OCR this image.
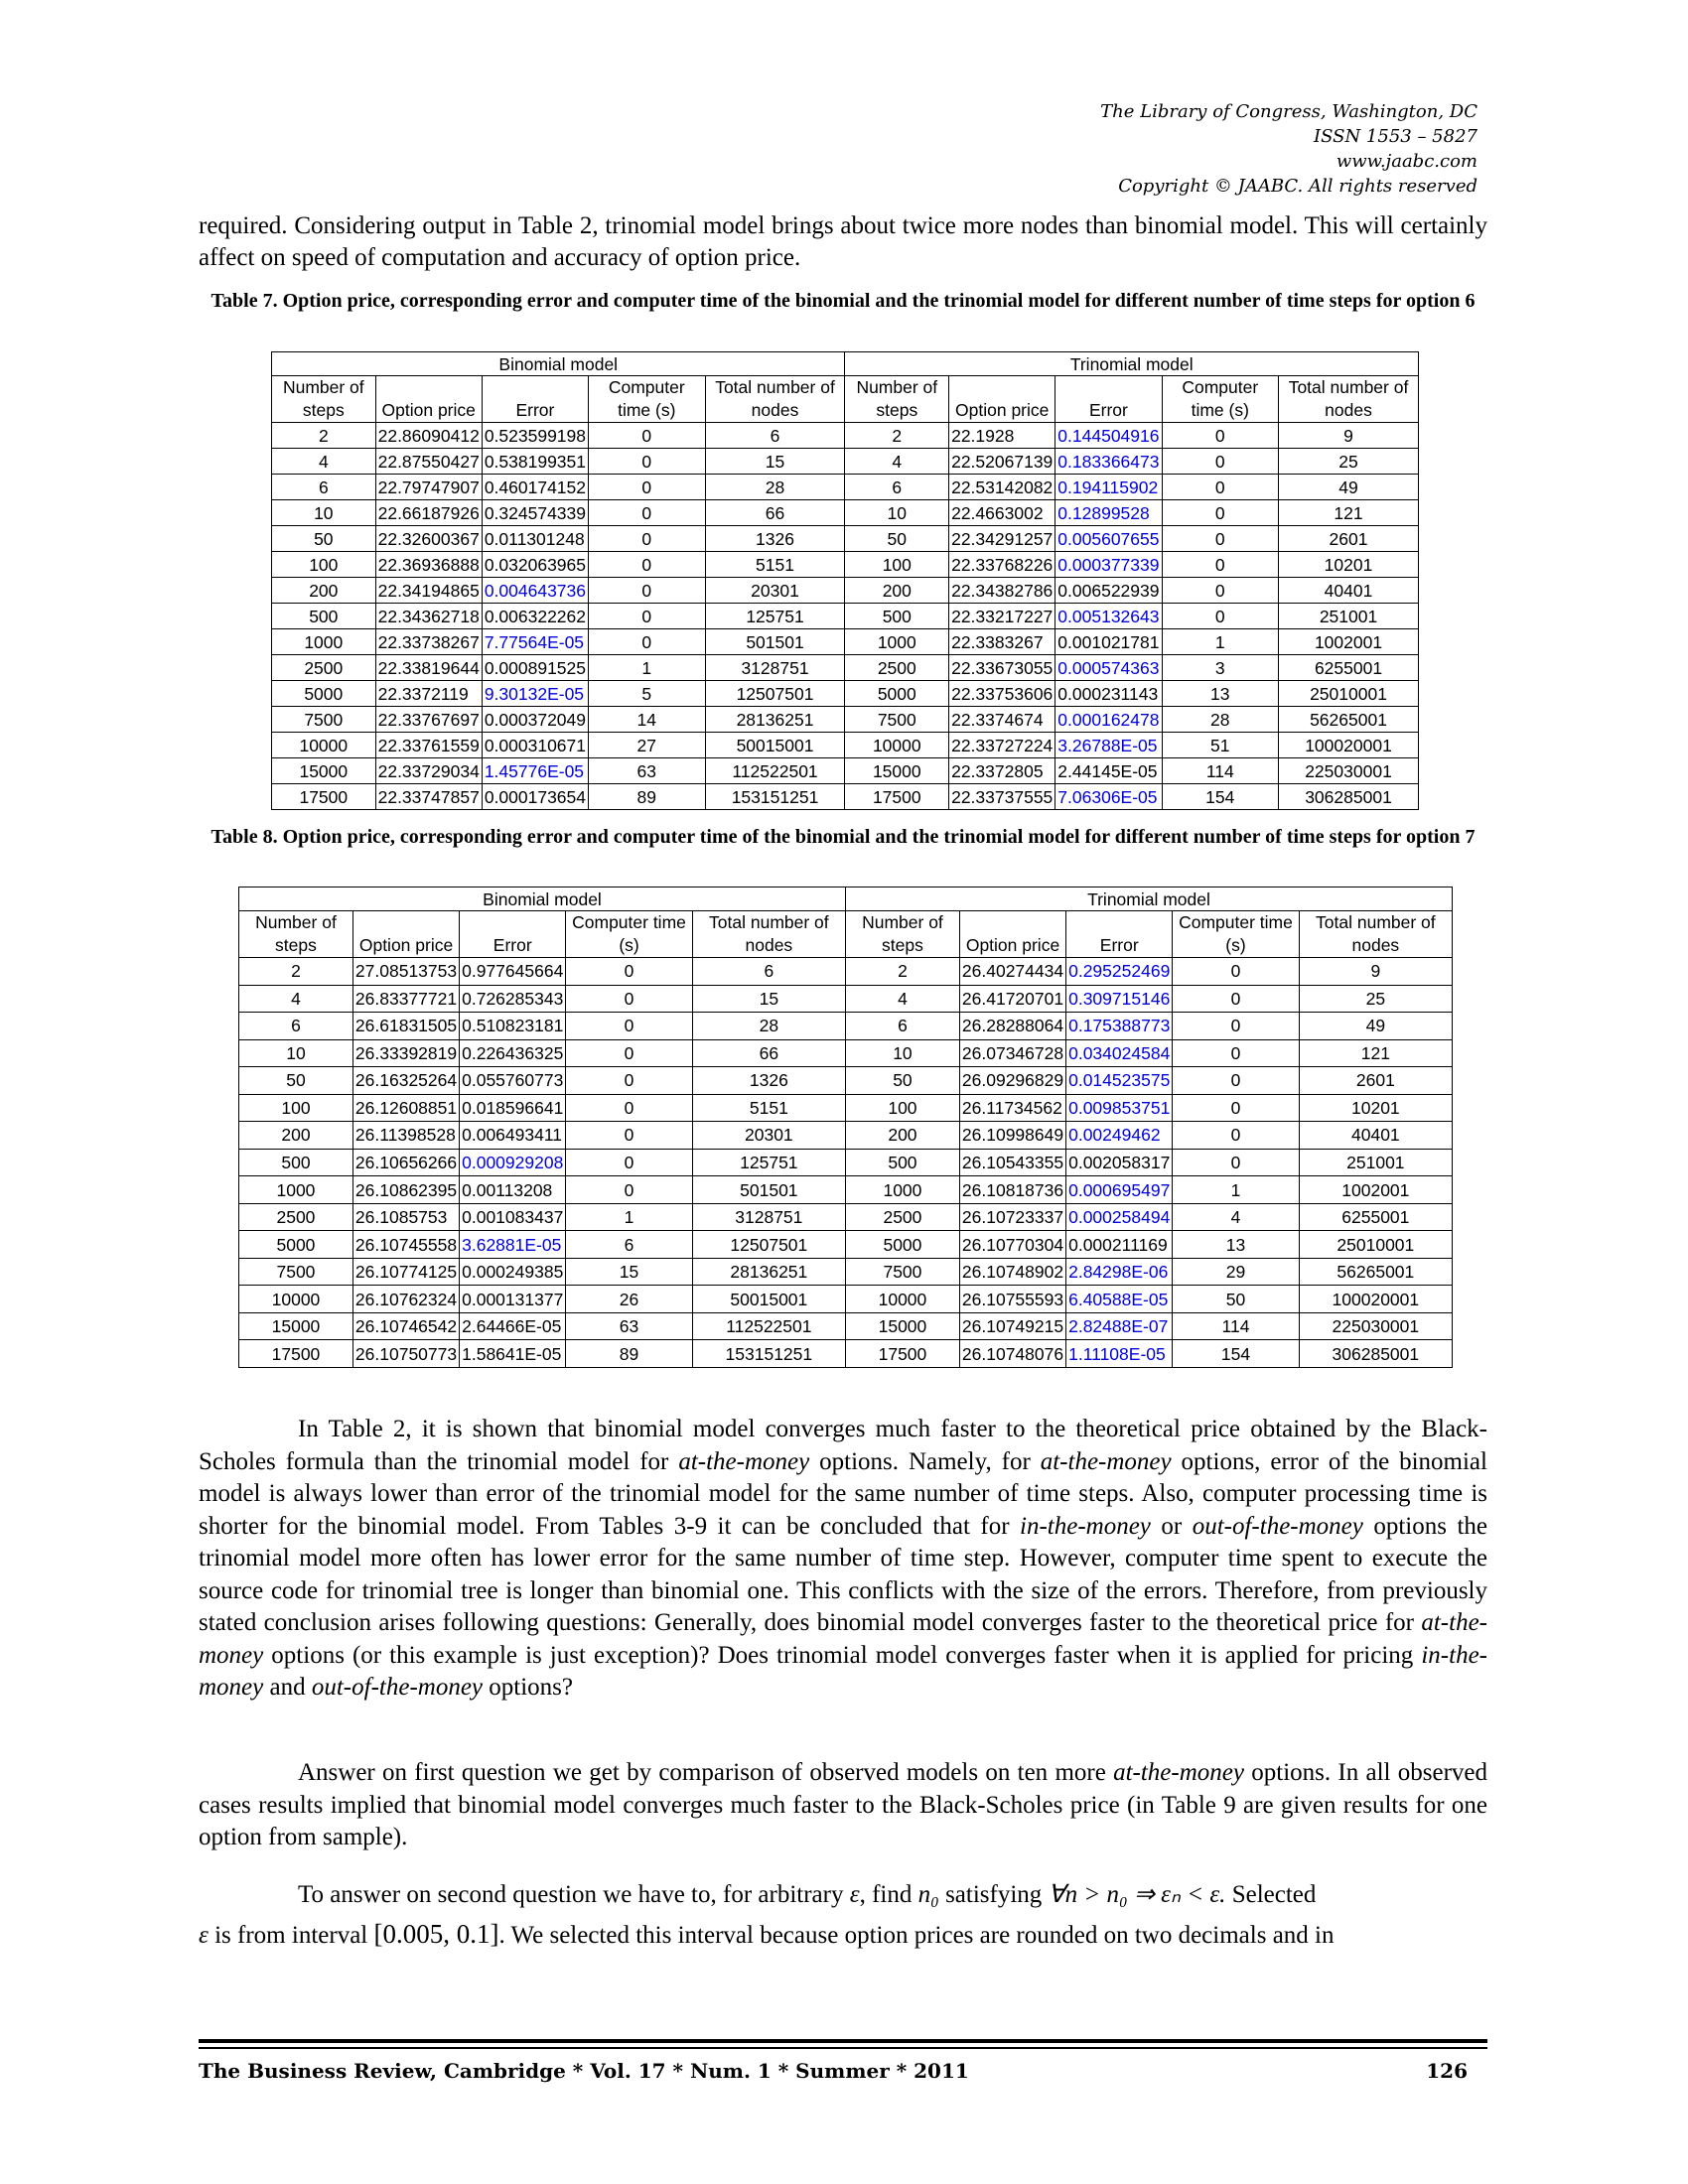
The Library of Congress, Washington, DC
ISSN 1553 – 5827
www.jaabc.com
Copyright © JAABC. All rights reserved
required. Considering output in Table 2, trinomial model brings about twice more nodes than binomial model. This will certainly affect on speed of computation and accuracy of option price.
Table 7. Option price, corresponding error and computer time of the binomial and the trinomial model for different number of time steps for option 6
Binomial model					Trinomial model				
Number of steps	Option price	Error	Computer time (s)	Total number of nodes	Number of steps	Option price	Error	Computer time (s)	Total number of nodes
2	22.86090412	0.523599198	0	6	2	22.1928	0.144504916	0	9
4	22.87550427	0.538199351	0	15	4	22.52067139	0.183366473	0	25
6	22.79747907	0.460174152	0	28	6	22.53142082	0.194115902	0	49
10	22.66187926	0.324574339	0	66	10	22.4663002	0.12899528	0	121
50	22.32600367	0.011301248	0	1326	50	22.34291257	0.005607655	0	2601
100	22.36936888	0.032063965	0	5151	100	22.33768226	0.000377339	0	10201
200	22.34194865	0.004643736	0	20301	200	22.34382786	0.006522939	0	40401
500	22.34362718	0.006322262	0	125751	500	22.33217227	0.005132643	0	251001
1000	22.33738267	7.77564E-05	0	501501	1000	22.3383267	0.001021781	1	1002001
2500	22.33819644	0.000891525	1	3128751	2500	22.33673055	0.000574363	3	6255001
5000	22.3372119	9.30132E-05	5	12507501	5000	22.33753606	0.000231143	13	25010001
7500	22.33767697	0.000372049	14	28136251	7500	22.3374674	0.000162478	28	56265001
10000	22.33761559	0.000310671	27	50015001	10000	22.33727224	3.26788E-05	51	100020001
15000	22.33729034	1.45776E-05	63	112522501	15000	22.3372805	2.44145E-05	114	225030001
17500	22.33747857	0.000173654	89	153151251	17500	22.33737555	7.06306E-05	154	306285001
Table 8. Option price, corresponding error and computer time of the binomial and the trinomial model for different number of time steps for option 7
Binomial model					Trinomial model				
Number of steps	Option price	Error	Computer time (s)	Total number of nodes	Number of steps	Option price	Error	Computer time (s)	Total number of nodes
2	27.08513753	0.977645664	0	6	2	26.40274434	0.295252469	0	9
4	26.83377721	0.726285343	0	15	4	26.41720701	0.309715146	0	25
6	26.61831505	0.510823181	0	28	6	26.28288064	0.175388773	0	49
10	26.33392819	0.226436325	0	66	10	26.07346728	0.034024584	0	121
50	26.16325264	0.055760773	0	1326	50	26.09296829	0.014523575	0	2601
100	26.12608851	0.018596641	0	5151	100	26.11734562	0.009853751	0	10201
200	26.11398528	0.006493411	0	20301	200	26.10998649	0.00249462	0	40401
500	26.10656266	0.000929208	0	125751	500	26.10543355	0.002058317	0	251001
1000	26.10862395	0.00113208	0	501501	1000	26.10818736	0.000695497	1	1002001
2500	26.1085753	0.001083437	1	3128751	2500	26.10723337	0.000258494	4	6255001
5000	26.10745558	3.62881E-05	6	12507501	5000	26.10770304	0.000211169	13	25010001
7500	26.10774125	0.000249385	15	28136251	7500	26.10748902	2.84298E-06	29	56265001
10000	26.10762324	0.000131377	26	50015001	10000	26.10755593	6.40588E-05	50	100020001
15000	26.10746542	2.64466E-05	63	112522501	15000	26.10749215	2.82488E-07	114	225030001
17500	26.10750773	1.58641E-05	89	153151251	17500	26.10748076	1.11108E-05	154	306285001

In Table 2, it is shown that binomial model converges much faster to the theoretical price obtained by the Black-Scholes formula than the trinomial model for at-the-money options. Namely, for at-the-money options, error of the binomial model is always lower than error of the trinomial model for the same number of time steps. Also, computer processing time is shorter for the binomial model. From Tables 3-9 it can be concluded that for in-the-money or out-of-the-money options the trinomial model more often has lower error for the same number of time step. However, computer time spent to execute the source code for trinomial tree is longer than binomial one. This conflicts with the size of the errors. Therefore, from previously stated conclusion arises following questions: Generally, does binomial model converges faster to the theoretical price for at-the-money options (or this example is just exception)? Does trinomial model converges faster when it is applied for pricing in-the-money and out-of-the-money options?

Answer on first question we get by comparison of observed models on ten more at-the-money options. In all observed cases results implied that binomial model converges much faster to the Black-Scholes price (in Table 9 are given results for one option from sample).

To answer on second question we have to, for arbitrary ε, find n₀ satisfying ∀n > n₀ ⇒ εₙ < ε. Selected

ε is from interval [0.005, 0.1]. We selected this interval because option prices are rounded on two decimals and in
The Business Review, Cambridge * Vol. 17 * Num. 1 * Summer * 2011	126
